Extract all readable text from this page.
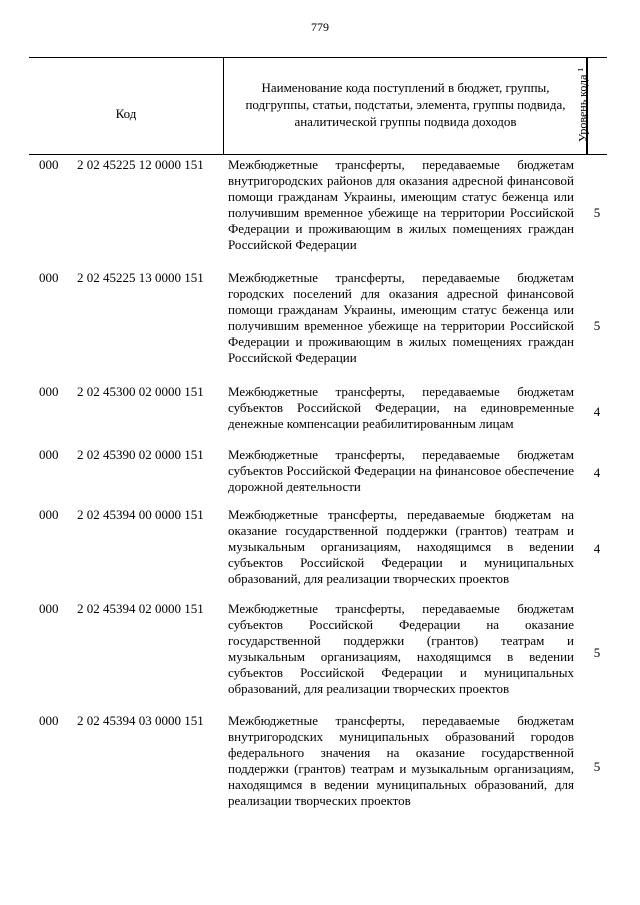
779
Код
Наименование кода поступлений в бюджет, группы, подгруппы, статьи, подстатьи, элемента, группы подвида, аналитической группы подвида доходов	Уровень кода ¹
000 2 02 45225 12 0000 151 Межбюджетные трансферты, передаваемые бюджетам внутригородских районов для оказания адресной финансовой помощи гражданам Украины, имеющим статус беженца или получившим временное убежище на территории Российской Федерации и проживающим в жилых помещениях граждан Российской Федерации
5
000 2 02 45225 13 0000 151 Межбюджетные трансферты, передаваемые бюджетам городских поселений для оказания адресной финансовой помощи гражданам Украины, имеющим статус беженца или получившим временное убежище на территории Российской Федерации и проживающим в жилых помещениях граждан Российской Федерации
5
000 2 02 45300 02 0000 151 Межбюджетные трансферты, передаваемые бюджетам субъектов Российской Федерации, на единовременные денежные компенсации реабилитированным лицам
4
000 2 02 45390 02 0000 151 Межбюджетные трансферты, передаваемые бюджетам субъектов Российской Федерации на финансовое обеспечение дорожной деятельности
4
000 2 02 45394 00 0000 151 Межбюджетные трансферты, передаваемые бюджетам на оказание государственной поддержки (грантов) театрам и музыкальным организациям, находящимся в ведении субъектов Российской Федерации и муниципальных образований, для реализации творческих проектов
4
000 2 02 45394 02 0000 151 Межбюджетные трансферты, передаваемые бюджетам субъектов Российской Федерации на оказание государственной поддержки (грантов) театрам и музыкальным организациям, находящимся в ведении субъектов Российской Федерации и муниципальных образований, для реализации творческих проектов
5
000 2 02 45394 03 0000 151 Межбюджетные трансферты, передаваемые бюджетам внутригородских муниципальных образований городов федерального значения на оказание государственной поддержки (грантов) театрам и музыкальным организациям, находящимся в ведении муниципальных образований, для реализации творческих проектов
5
